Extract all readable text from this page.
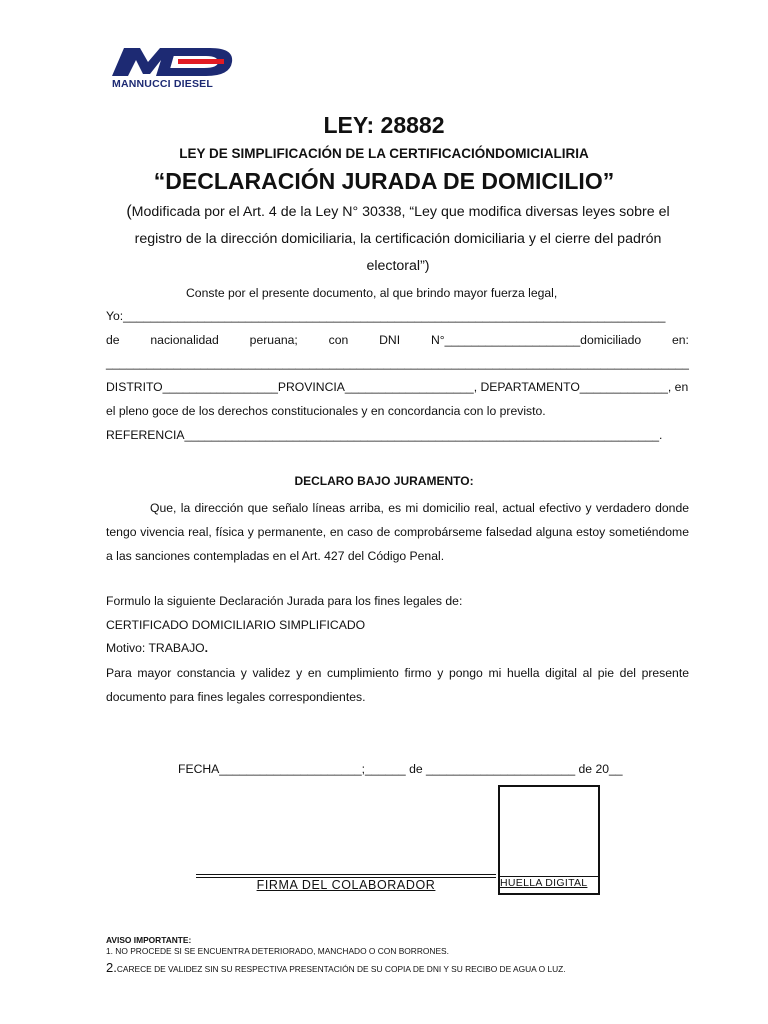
MANNUCCI DIESEL
LEY: 28882
LEY DE SIMPLIFICACIÓN DE LA CERTIFICACIÓNDOMICIALIRIA
“DECLARACIÓN JURADA DE DOMICILIO”
(Modificada por el Art. 4 de la Ley N° 30338, “Ley que modifica diversas leyes sobre el registro de la dirección domiciliaria, la certificación domiciliaria y el cierre del padrón electoral”)
Conste por el presente documento, al que brindo mayor fuerza legal,
Yo:________________________________________________________________________________
de	nacionalidad	peruana;	con	DNI	N°____________________domiciliado	en:
______________________________________________________________________________________
DISTRITO_________________PROVINCIA___________________, DEPARTAMENTO_____________, en
el pleno goce de los derechos constitucionales y en concordancia con lo previsto.
REFERENCIA______________________________________________________________________.
DECLARO BAJO JURAMENTO:
Que, la dirección que señalo líneas arriba, es mi domicilio real, actual efectivo y verdadero donde tengo vivencia real, física y permanente, en caso de comprobárseme falsedad alguna estoy sometiéndome a las sanciones contempladas en el Art. 427 del Código Penal.
Formulo la siguiente Declaración Jurada para los fines legales de:
CERTIFICADO DOMICILIARIO SIMPLIFICADO
Motivo: TRABAJO.
Para mayor constancia y validez y en cumplimiento firmo y pongo mi huella digital al pie del presente documento para fines legales correspondientes.
FECHA_____________________;______ de ______________________ de 20__
HUELLA DIGITAL
FIRMA DEL COLABORADOR
AVISO IMPORTANTE:
1. NO PROCEDE SI SE ENCUENTRA DETERIORADO, MANCHADO O CON BORRONES.
2.CARECE DE VALIDEZ SIN SU RESPECTIVA PRESENTACIÓN DE SU COPIA DE DNI Y SU RECIBO DE AGUA O LUZ.
